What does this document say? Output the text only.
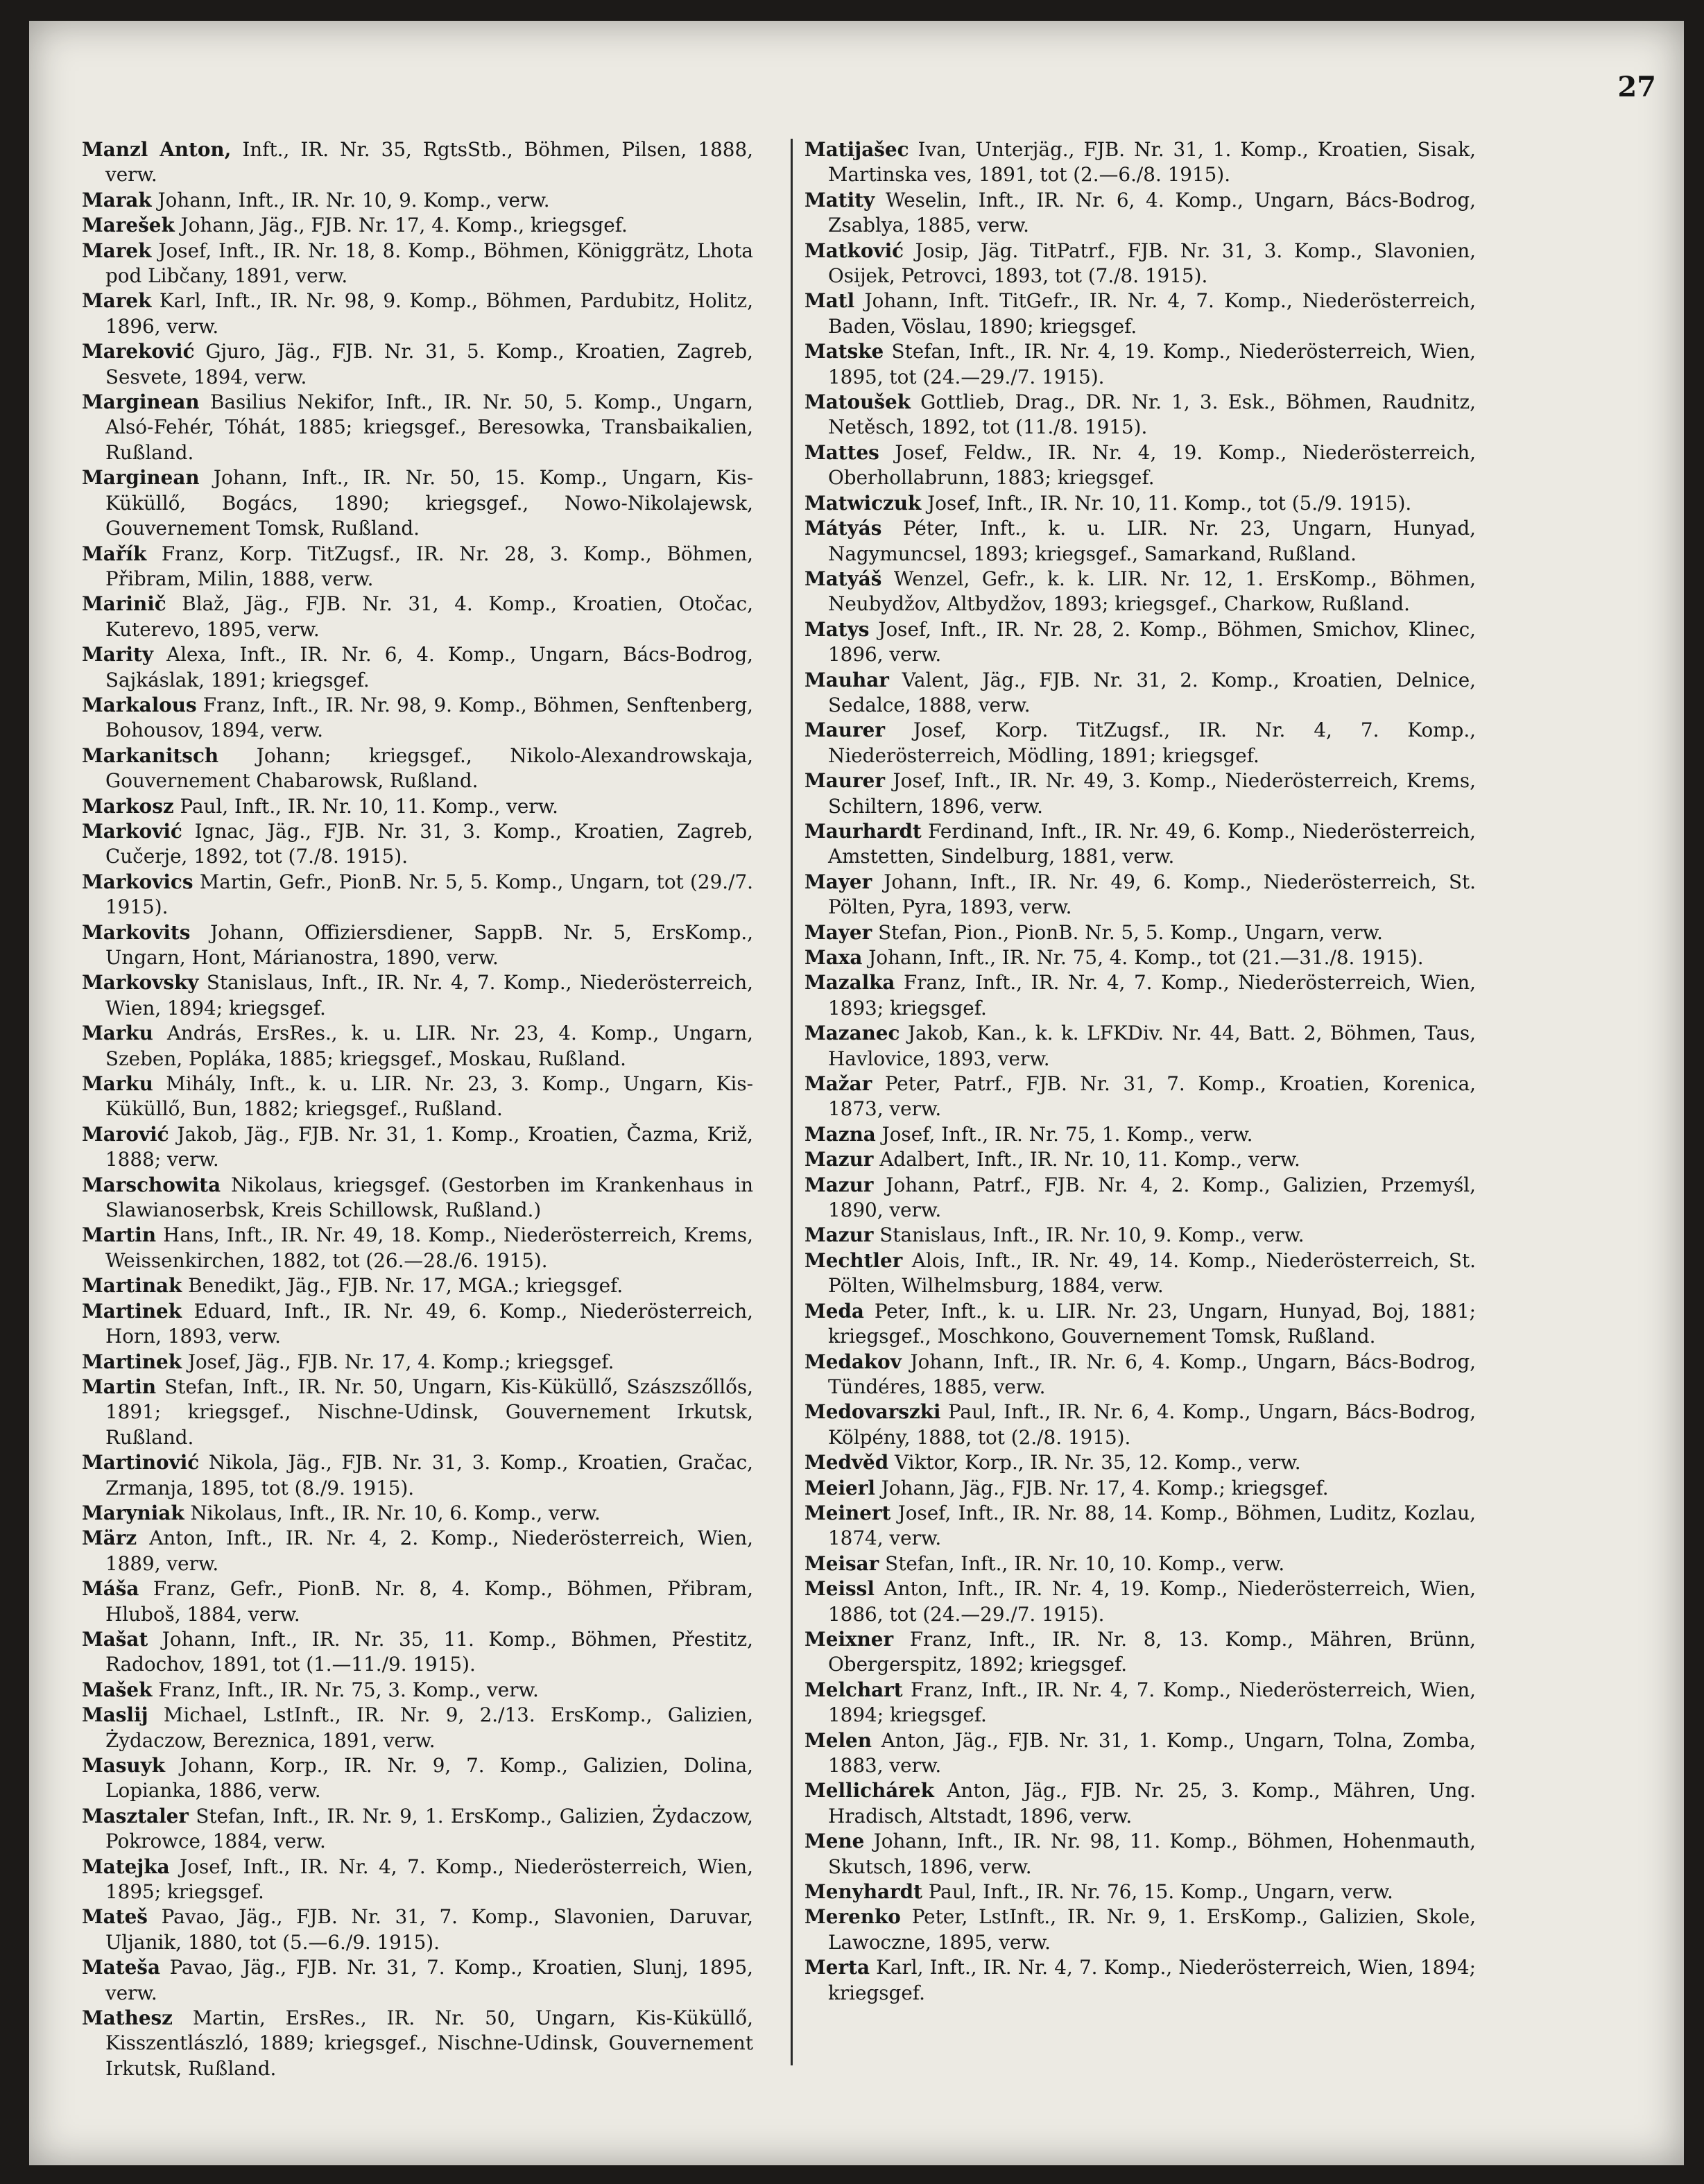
27

Manzl Anton, Inft., IR. Nr. 35, RgtsStb., Böhmen, Pilsen, 1888, verw.

Marak Johann, Inft., IR. Nr. 10, 9. Komp., verw.

Marešek Johann, Jäg., FJB. Nr. 17, 4. Komp., kriegsgef.

Marek Josef, Inft., IR. Nr. 18, 8. Komp., Böhmen, Königgrätz, Lhota pod Libčany, 1891, verw.

Marek Karl, Inft., IR. Nr. 98, 9. Komp., Böhmen, Pardubitz, Holitz, 1896, verw.

Mareković Gjuro, Jäg., FJB. Nr. 31, 5. Komp., Kroatien, Zagreb, Sesvete, 1894, verw.

Marginean Basilius Nekifor, Inft., IR. Nr. 50, 5. Komp., Ungarn, Alsó-Fehér, Tóhát, 1885; kriegsgef., Beresowka, Transbaikalien, Rußland.

Marginean Johann, Inft., IR. Nr. 50, 15. Komp., Ungarn, Kis-Küküllő, Bogács, 1890; kriegsgef., Nowo-Nikolajewsk, Gouvernement Tomsk, Rußland.

Mařík Franz, Korp. TitZugsf., IR. Nr. 28, 3. Komp., Böhmen, Přibram, Milin, 1888, verw.

Marinič Blaž, Jäg., FJB. Nr. 31, 4. Komp., Kroatien, Otočac, Kuterevo, 1895, verw.

Marity Alexa, Inft., IR. Nr. 6, 4. Komp., Ungarn, Bács-Bodrog, Sajkáslak, 1891; kriegsgef.

Markalous Franz, Inft., IR. Nr. 98, 9. Komp., Böhmen, Senftenberg, Bohousov, 1894, verw.

Markanitsch Johann; kriegsgef., Nikolo-Alexandrowskaja, Gouvernement Chabarowsk, Rußland.

Markosz Paul, Inft., IR. Nr. 10, 11. Komp., verw.

Marković Ignac, Jäg., FJB. Nr. 31, 3. Komp., Kroatien, Zagreb, Cučerje, 1892, tot (7./8. 1915).

Markovics Martin, Gefr., PionB. Nr. 5, 5. Komp., Ungarn, tot (29./7. 1915).

Markovits Johann, Offiziersdiener, SappB. Nr. 5, ErsKomp., Ungarn, Hont, Márianostra, 1890, verw.

Markovsky Stanislaus, Inft., IR. Nr. 4, 7. Komp., Niederösterreich, Wien, 1894; kriegsgef.

Marku András, ErsRes., k. u. LIR. Nr. 23, 4. Komp., Ungarn, Szeben, Popláka, 1885; kriegsgef., Moskau, Rußland.

Marku Mihály, Inft., k. u. LIR. Nr. 23, 3. Komp., Ungarn, Kis-Küküllő, Bun, 1882; kriegsgef., Rußland.

Marović Jakob, Jäg., FJB. Nr. 31, 1. Komp., Kroatien, Čazma, Križ, 1888; verw.

Marschowita Nikolaus, kriegsgef. (Gestorben im Krankenhaus in Slawianoserbsk, Kreis Schillowsk, Rußland.)

Martin Hans, Inft., IR. Nr. 49, 18. Komp., Niederösterreich, Krems, Weissenkirchen, 1882, tot (26.—28./6. 1915).

Martinak Benedikt, Jäg., FJB. Nr. 17, MGA.; kriegsgef.

Martinek Eduard, Inft., IR. Nr. 49, 6. Komp., Niederösterreich, Horn, 1893, verw.

Martinek Josef, Jäg., FJB. Nr. 17, 4. Komp.; kriegsgef.

Martin Stefan, Inft., IR. Nr. 50, Ungarn, Kis-Küküllő, Szászszőllős, 1891; kriegsgef., Nischne-Udinsk, Gouvernement Irkutsk, Rußland.

Martinović Nikola, Jäg., FJB. Nr. 31, 3. Komp., Kroatien, Gračac, Zrmanja, 1895, tot (8./9. 1915).

Maryniak Nikolaus, Inft., IR. Nr. 10, 6. Komp., verw.

März Anton, Inft., IR. Nr. 4, 2. Komp., Niederösterreich, Wien, 1889, verw.

Máša Franz, Gefr., PionB. Nr. 8, 4. Komp., Böhmen, Přibram, Hluboš, 1884, verw.

Mašat Johann, Inft., IR. Nr. 35, 11. Komp., Böhmen, Přestitz, Radochov, 1891, tot (1.—11./9. 1915).

Mašek Franz, Inft., IR. Nr. 75, 3. Komp., verw.

Maslij Michael, LstInft., IR. Nr. 9, 2./13. ErsKomp., Galizien, Żydaczow, Bereznica, 1891, verw.

Masuyk Johann, Korp., IR. Nr. 9, 7. Komp., Galizien, Dolina, Lopianka, 1886, verw.

Masztaler Stefan, Inft., IR. Nr. 9, 1. ErsKomp., Galizien, Żydaczow, Pokrowce, 1884, verw.

Matejka Josef, Inft., IR. Nr. 4, 7. Komp., Niederösterreich, Wien, 1895; kriegsgef.

Mateš Pavao, Jäg., FJB. Nr. 31, 7. Komp., Slavonien, Daruvar, Uljanik, 1880, tot (5.—6./9. 1915).

Mateša Pavao, Jäg., FJB. Nr. 31, 7. Komp., Kroatien, Slunj, 1895, verw.

Mathesz Martin, ErsRes., IR. Nr. 50, Ungarn, Kis-Küküllő, Kisszentlászló, 1889; kriegsgef., Nischne-Udinsk, Gouvernement Irkutsk, Rußland.

Matijašec Ivan, Unterjäg., FJB. Nr. 31, 1. Komp., Kroatien, Sisak, Martinska ves, 1891, tot (2.—6./8. 1915).

Matity Weselin, Inft., IR. Nr. 6, 4. Komp., Ungarn, Bács-Bodrog, Zsablya, 1885, verw.

Matković Josip, Jäg. TitPatrf., FJB. Nr. 31, 3. Komp., Slavonien, Osijek, Petrovci, 1893, tot (7./8. 1915).

Matl Johann, Inft. TitGefr., IR. Nr. 4, 7. Komp., Niederösterreich, Baden, Vöslau, 1890; kriegsgef.

Matske Stefan, Inft., IR. Nr. 4, 19. Komp., Niederösterreich, Wien, 1895, tot (24.—29./7. 1915).

Matoušek Gottlieb, Drag., DR. Nr. 1, 3. Esk., Böhmen, Raudnitz, Netěsch, 1892, tot (11./8. 1915).

Mattes Josef, Feldw., IR. Nr. 4, 19. Komp., Niederösterreich, Oberhollabrunn, 1883; kriegsgef.

Matwiczuk Josef, Inft., IR. Nr. 10, 11. Komp., tot (5./9. 1915).

Mátyás Péter, Inft., k. u. LIR. Nr. 23, Ungarn, Hunyad, Nagymuncsel, 1893; kriegsgef., Samarkand, Rußland.

Matyáš Wenzel, Gefr., k. k. LIR. Nr. 12, 1. ErsKomp., Böhmen, Neubydžov, Altbydžov, 1893; kriegsgef., Charkow, Rußland.

Matys Josef, Inft., IR. Nr. 28, 2. Komp., Böhmen, Smichov, Klinec, 1896, verw.

Mauhar Valent, Jäg., FJB. Nr. 31, 2. Komp., Kroatien, Delnice, Sedalce, 1888, verw.

Maurer Josef, Korp. TitZugsf., IR. Nr. 4, 7. Komp., Niederösterreich, Mödling, 1891; kriegsgef.

Maurer Josef, Inft., IR. Nr. 49, 3. Komp., Niederösterreich, Krems, Schiltern, 1896, verw.

Maurhardt Ferdinand, Inft., IR. Nr. 49, 6. Komp., Niederösterreich, Amstetten, Sindelburg, 1881, verw.

Mayer Johann, Inft., IR. Nr. 49, 6. Komp., Niederösterreich, St. Pölten, Pyra, 1893, verw.

Mayer Stefan, Pion., PionB. Nr. 5, 5. Komp., Ungarn, verw.

Maxa Johann, Inft., IR. Nr. 75, 4. Komp., tot (21.—31./8. 1915).

Mazalka Franz, Inft., IR. Nr. 4, 7. Komp., Niederösterreich, Wien, 1893; kriegsgef.

Mazanec Jakob, Kan., k. k. LFKDiv. Nr. 44, Batt. 2, Böhmen, Taus, Havlovice, 1893, verw.

Mažar Peter, Patrf., FJB. Nr. 31, 7. Komp., Kroatien, Korenica, 1873, verw.

Mazna Josef, Inft., IR. Nr. 75, 1. Komp., verw.

Mazur Adalbert, Inft., IR. Nr. 10, 11. Komp., verw.

Mazur Johann, Patrf., FJB. Nr. 4, 2. Komp., Galizien, Przemyśl, 1890, verw.

Mazur Stanislaus, Inft., IR. Nr. 10, 9. Komp., verw.

Mechtler Alois, Inft., IR. Nr. 49, 14. Komp., Niederösterreich, St. Pölten, Wilhelmsburg, 1884, verw.

Meda Peter, Inft., k. u. LIR. Nr. 23, Ungarn, Hunyad, Boj, 1881; kriegsgef., Moschkono, Gouvernement Tomsk, Rußland.

Medakov Johann, Inft., IR. Nr. 6, 4. Komp., Ungarn, Bács-Bodrog, Tündéres, 1885, verw.

Medovarszki Paul, Inft., IR. Nr. 6, 4. Komp., Ungarn, Bács-Bodrog, Kölpény, 1888, tot (2./8. 1915).

Medvěd Viktor, Korp., IR. Nr. 35, 12. Komp., verw.

Meierl Johann, Jäg., FJB. Nr. 17, 4. Komp.; kriegsgef.

Meinert Josef, Inft., IR. Nr. 88, 14. Komp., Böhmen, Luditz, Kozlau, 1874, verw.

Meisar Stefan, Inft., IR. Nr. 10, 10. Komp., verw.

Meissl Anton, Inft., IR. Nr. 4, 19. Komp., Niederösterreich, Wien, 1886, tot (24.—29./7. 1915).

Meixner Franz, Inft., IR. Nr. 8, 13. Komp., Mähren, Brünn, Obergerspitz, 1892; kriegsgef.

Melchart Franz, Inft., IR. Nr. 4, 7. Komp., Niederösterreich, Wien, 1894; kriegsgef.

Melen Anton, Jäg., FJB. Nr. 31, 1. Komp., Ungarn, Tolna, Zomba, 1883, verw.

Mellichárek Anton, Jäg., FJB. Nr. 25, 3. Komp., Mähren, Ung. Hradisch, Altstadt, 1896, verw.

Mene Johann, Inft., IR. Nr. 98, 11. Komp., Böhmen, Hohenmauth, Skutsch, 1896, verw.

Menyhardt Paul, Inft., IR. Nr. 76, 15. Komp., Ungarn, verw.

Merenko Peter, LstInft., IR. Nr. 9, 1. ErsKomp., Galizien, Skole, Lawoczne, 1895, verw.

Merta Karl, Inft., IR. Nr. 4, 7. Komp., Niederösterreich, Wien, 1894; kriegsgef.
